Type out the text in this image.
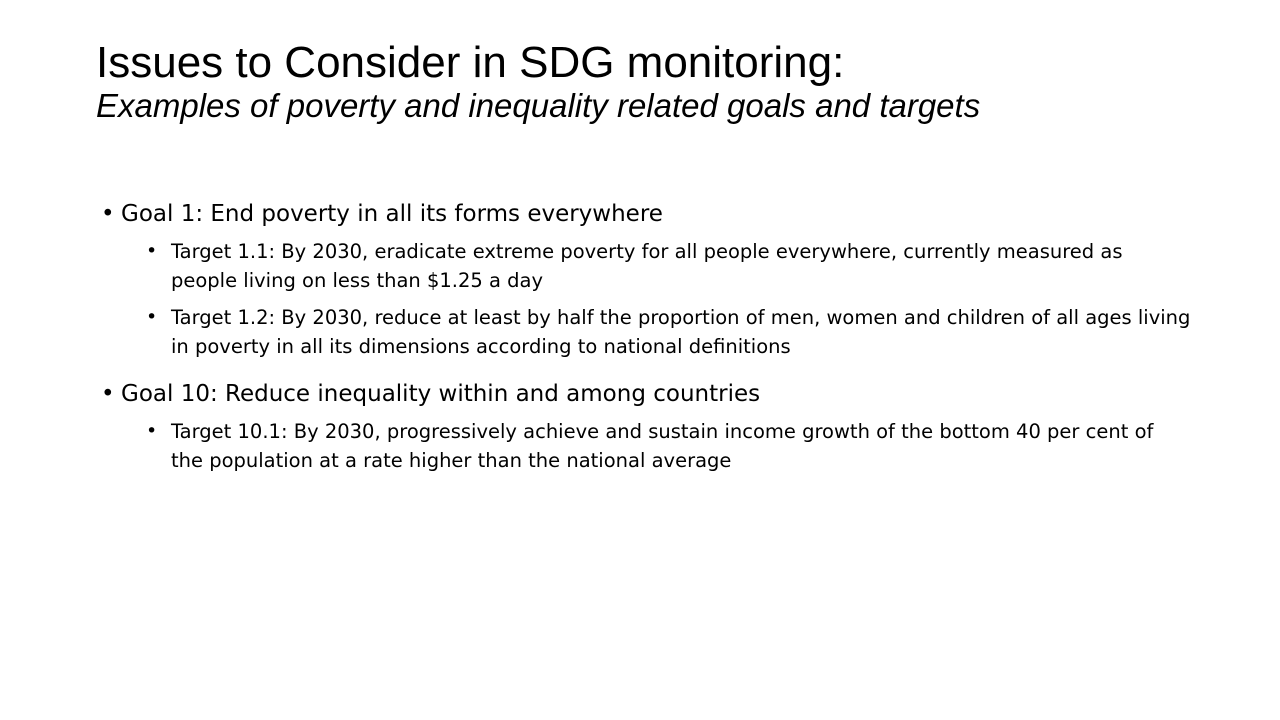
Issues to Consider in SDG monitoring:
Examples of poverty and inequality related goals and targets
• Goal 1: End poverty in all its forms everywhere
• Target 1.1: By 2030, eradicate extreme poverty for all people everywhere, currently measured as people living on less than $1.25 a day
• Target 1.2: By 2030, reduce at least by half the proportion of men, women and children of all ages living in poverty in all its dimensions according to national definitions
• Goal 10: Reduce inequality within and among countries
• Target 10.1: By 2030, progressively achieve and sustain income growth of the bottom 40 per cent of the population at a rate higher than the national average
